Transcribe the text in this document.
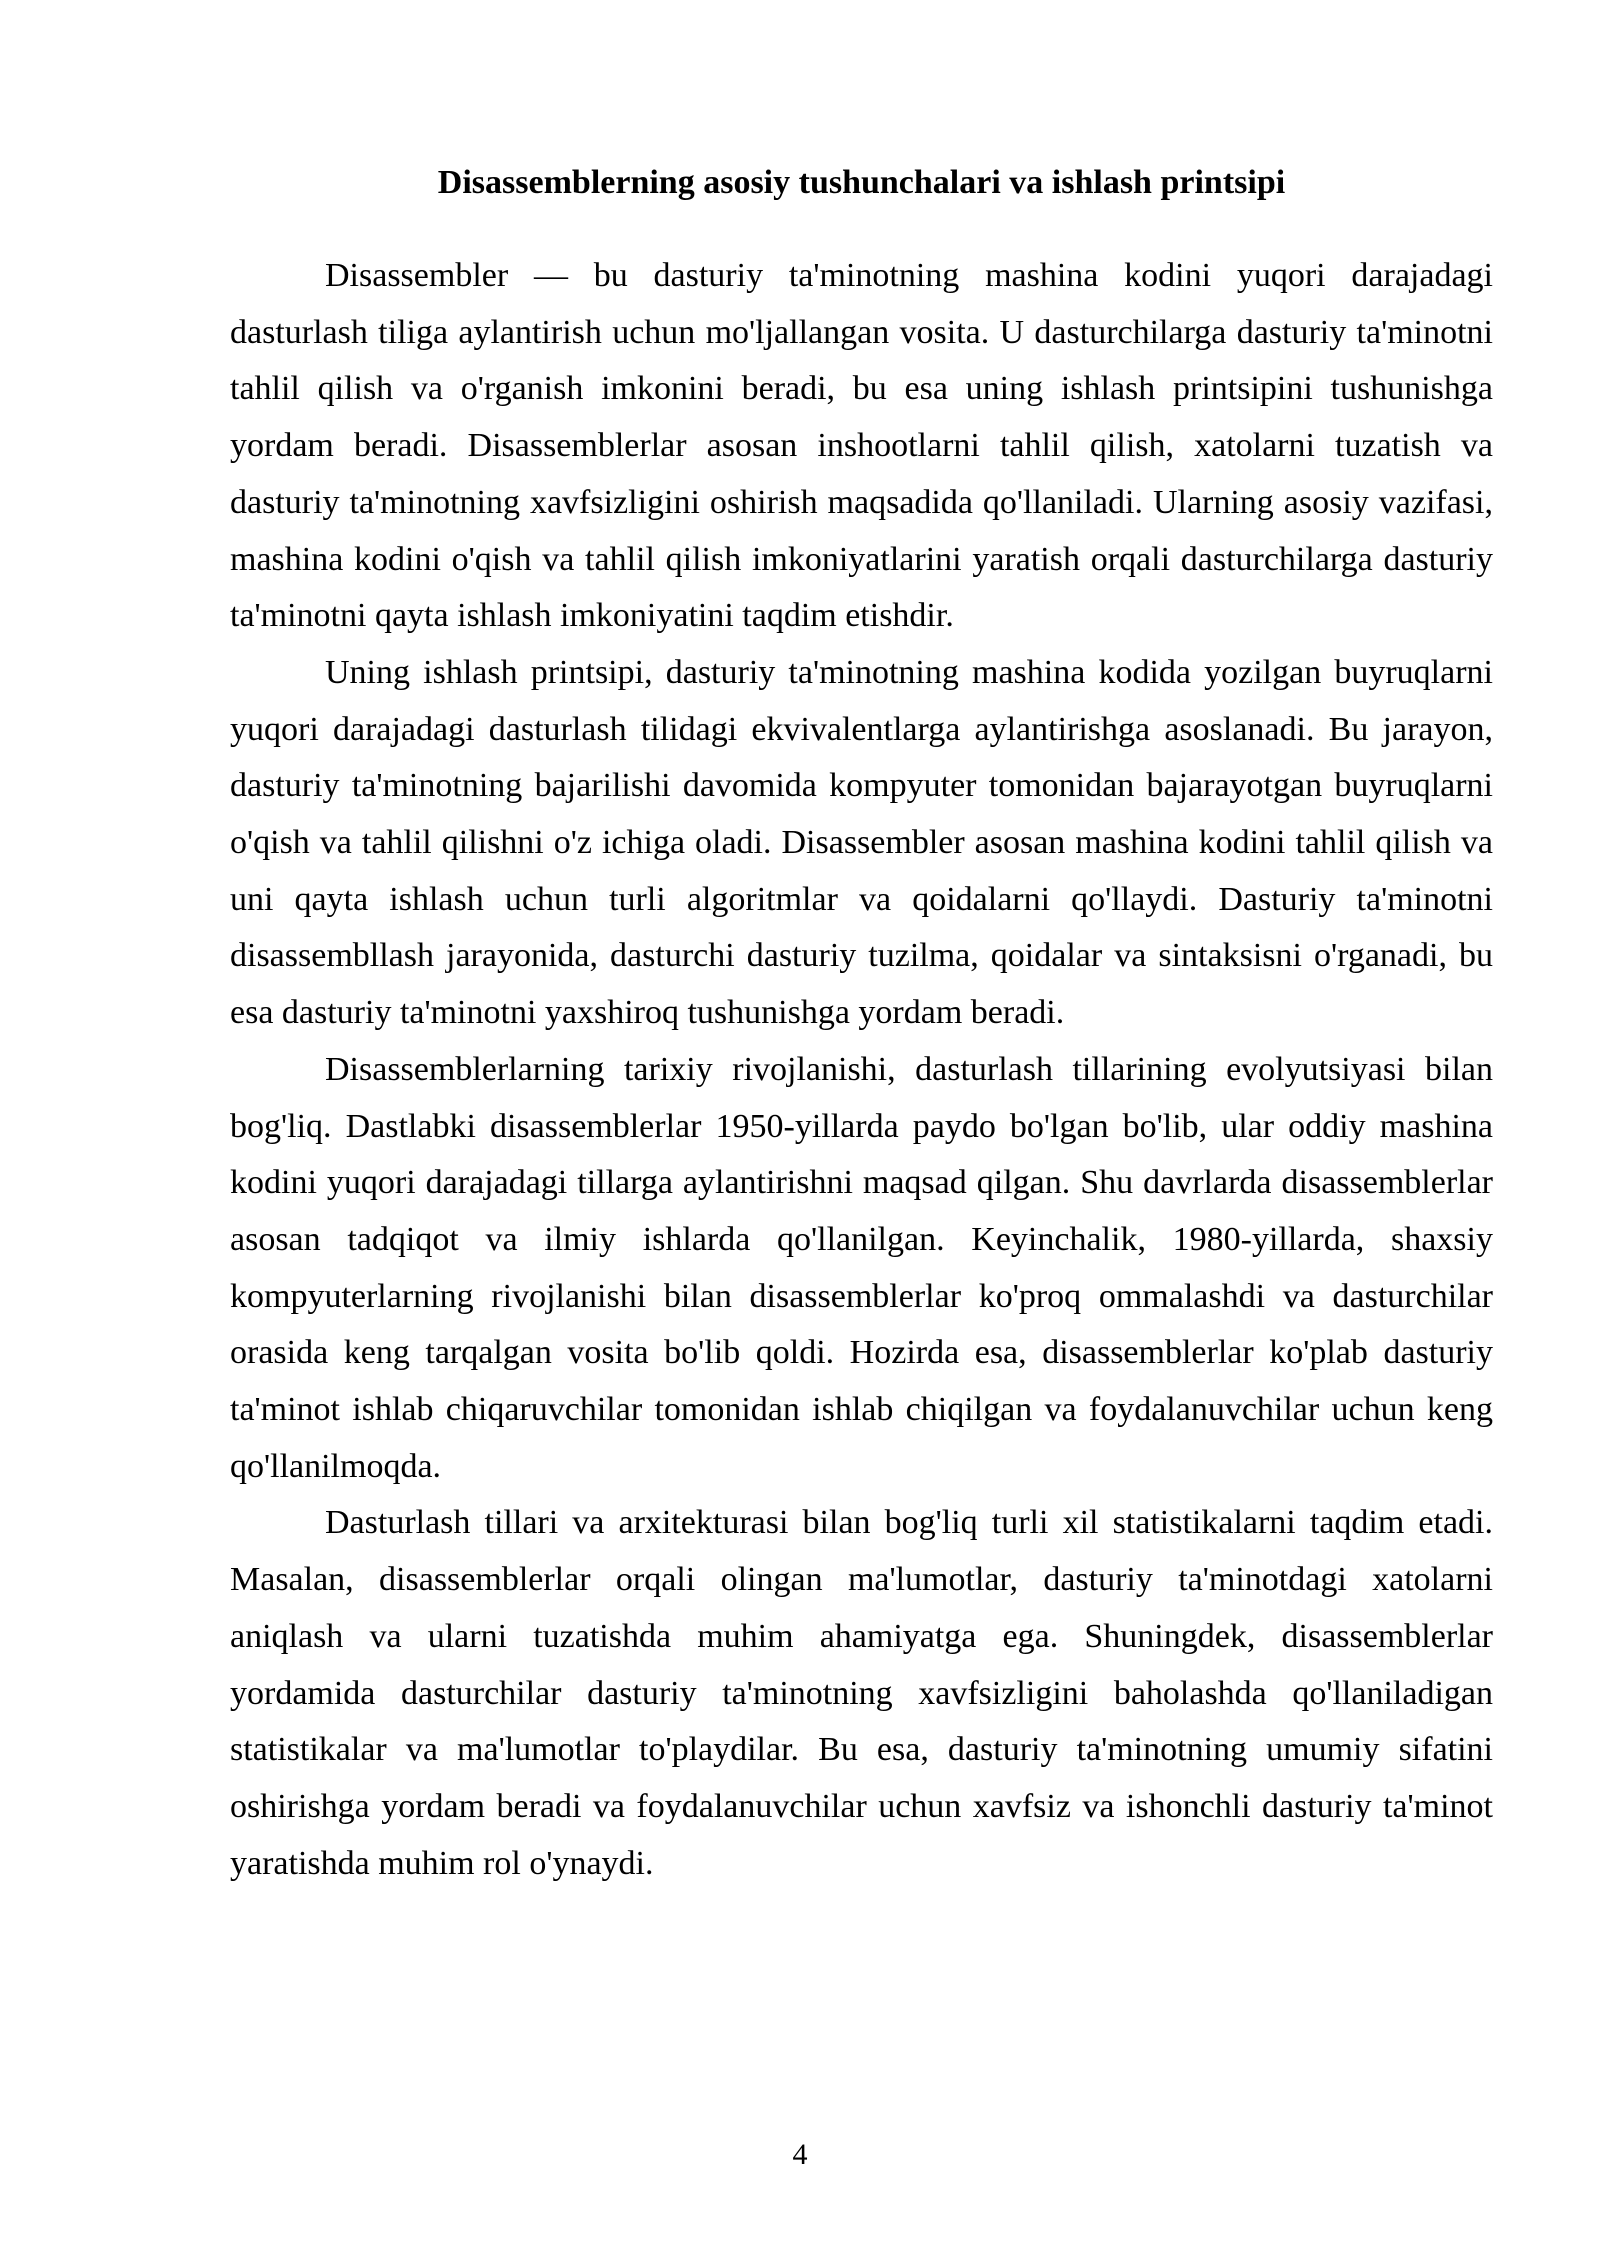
Disassemblerning asosiy tushunchalari va ishlash printsipi

Disassembler — bu dasturiy ta'minotning mashina kodini yuqori darajadagi dasturlash tiliga aylantirish uchun mo'ljallangan vosita. U dasturchilarga dasturiy ta'minotni tahlil qilish va o'rganish imkonini beradi, bu esa uning ishlash printsipini tushunishga yordam beradi. Disassemblerlar asosan inshootlarni tahlil qilish, xatolarni tuzatish va dasturiy ta'minotning xavfsizligini oshirish maqsadida qo'llaniladi. Ularning asosiy vazifasi, mashina kodini o'qish va tahlil qilish imkoniyatlarini yaratish orqali dasturchilarga dasturiy ta'minotni qayta ishlash imkoniyatini taqdim etishdir.

Uning ishlash printsipi, dasturiy ta'minotning mashina kodida yozilgan buyruqlarni yuqori darajadagi dasturlash tilidagi ekvivalentlarga aylantirishga asoslanadi. Bu jarayon, dasturiy ta'minotning bajarilishi davomida kompyuter tomonidan bajarayotgan buyruqlarni o'qish va tahlil qilishni o'z ichiga oladi. Disassembler asosan mashina kodini tahlil qilish va uni qayta ishlash uchun turli algoritmlar va qoidalarni qo'llaydi. Dasturiy ta'minotni disassembllash jarayonida, dasturchi dasturiy tuzilma, qoidalar va sintaksisni o'rganadi, bu esa dasturiy ta'minotni yaxshiroq tushunishga yordam beradi.

Disassemblerlarning tarixiy rivojlanishi, dasturlash tillarining evolyutsiyasi bilan bog'liq. Dastlabki disassemblerlar 1950-yillarda paydo bo'lgan bo'lib, ular oddiy mashina kodini yuqori darajadagi tillarga aylantirishni maqsad qilgan. Shu davrlarda disassemblerlar asosan tadqiqot va ilmiy ishlarda qo'llanilgan. Keyinchalik, 1980-yillarda, shaxsiy kompyuterlarning rivojlanishi bilan disassemblerlar ko'proq ommalashdi va dasturchilar orasida keng tarqalgan vosita bo'lib qoldi. Hozirda esa, disassemblerlar ko'plab dasturiy ta'minot ishlab chiqaruvchilar tomonidan ishlab chiqilgan va foydalanuvchilar uchun keng qo'llanilmoqda.

Dasturlash tillari va arxitekturasi bilan bog'liq turli xil statistikalarni taqdim etadi. Masalan, disassemblerlar orqali olingan ma'lumotlar, dasturiy ta'minotdagi xatolarni aniqlash va ularni tuzatishda muhim ahamiyatga ega. Shuningdek, disassemblerlar yordamida dasturchilar dasturiy ta'minotning xavfsizligini baholashda qo'llaniladigan statistikalar va ma'lumotlar to'playdilar. Bu esa, dasturiy ta'minotning umumiy sifatini oshirishga yordam beradi va foydalanuvchilar uchun xavfsiz va ishonchli dasturiy ta'minot yaratishda muhim rol o'ynaydi.

4
